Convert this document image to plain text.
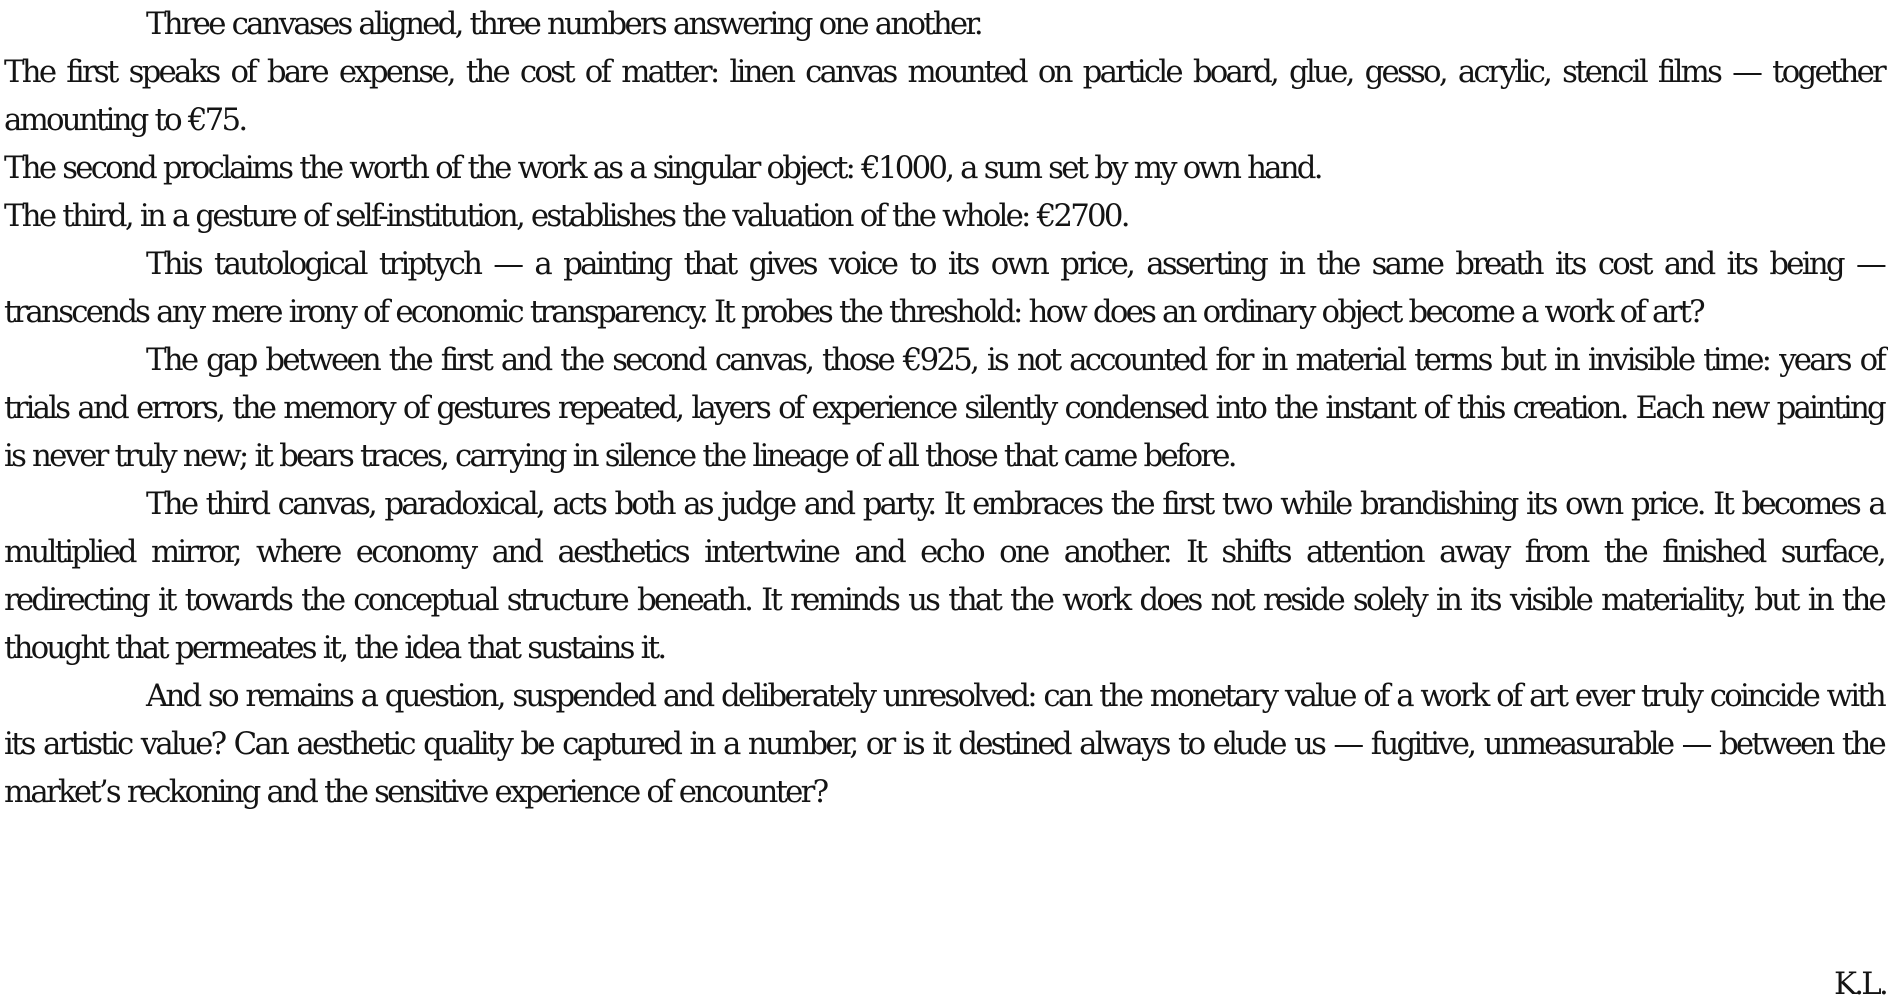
Three canvases aligned, three numbers answering one another.

The first speaks of bare expense, the cost of matter: linen canvas mounted on particle board, glue, gesso, acrylic, stencil films — together amounting to €75.

The second proclaims the worth of the work as a singular object: €1000, a sum set by my own hand.

The third, in a gesture of self-institution, establishes the valuation of the whole: €2700.

This tautological triptych — a painting that gives voice to its own price, asserting in the same breath its cost and its being — transcends any mere irony of economic transparency. It probes the threshold: how does an ordinary object become a work of art?

The gap between the first and the second canvas, those €925, is not accounted for in material terms but in invisible time: years of trials and errors, the memory of gestures repeated, layers of experience silently condensed into the instant of this creation. Each new painting is never truly new; it bears traces, carrying in silence the lineage of all those that came before.

The third canvas, paradoxical, acts both as judge and party. It embraces the first two while brandishing its own price. It becomes a multiplied mirror, where economy and aesthetics intertwine and echo one another. It shifts attention away from the finished surface, redirecting it towards the conceptual structure beneath. It reminds us that the work does not reside solely in its visible materiality, but in the thought that permeates it, the idea that sustains it.

And so remains a question, suspended and deliberately unresolved: can the monetary value of a work of art ever truly coincide with its artistic value? Can aesthetic quality be captured in a number, or is it destined always to elude us — fugitive, unmeasurable — between the market’s reckoning and the sensitive experience of encounter?

K.L.
